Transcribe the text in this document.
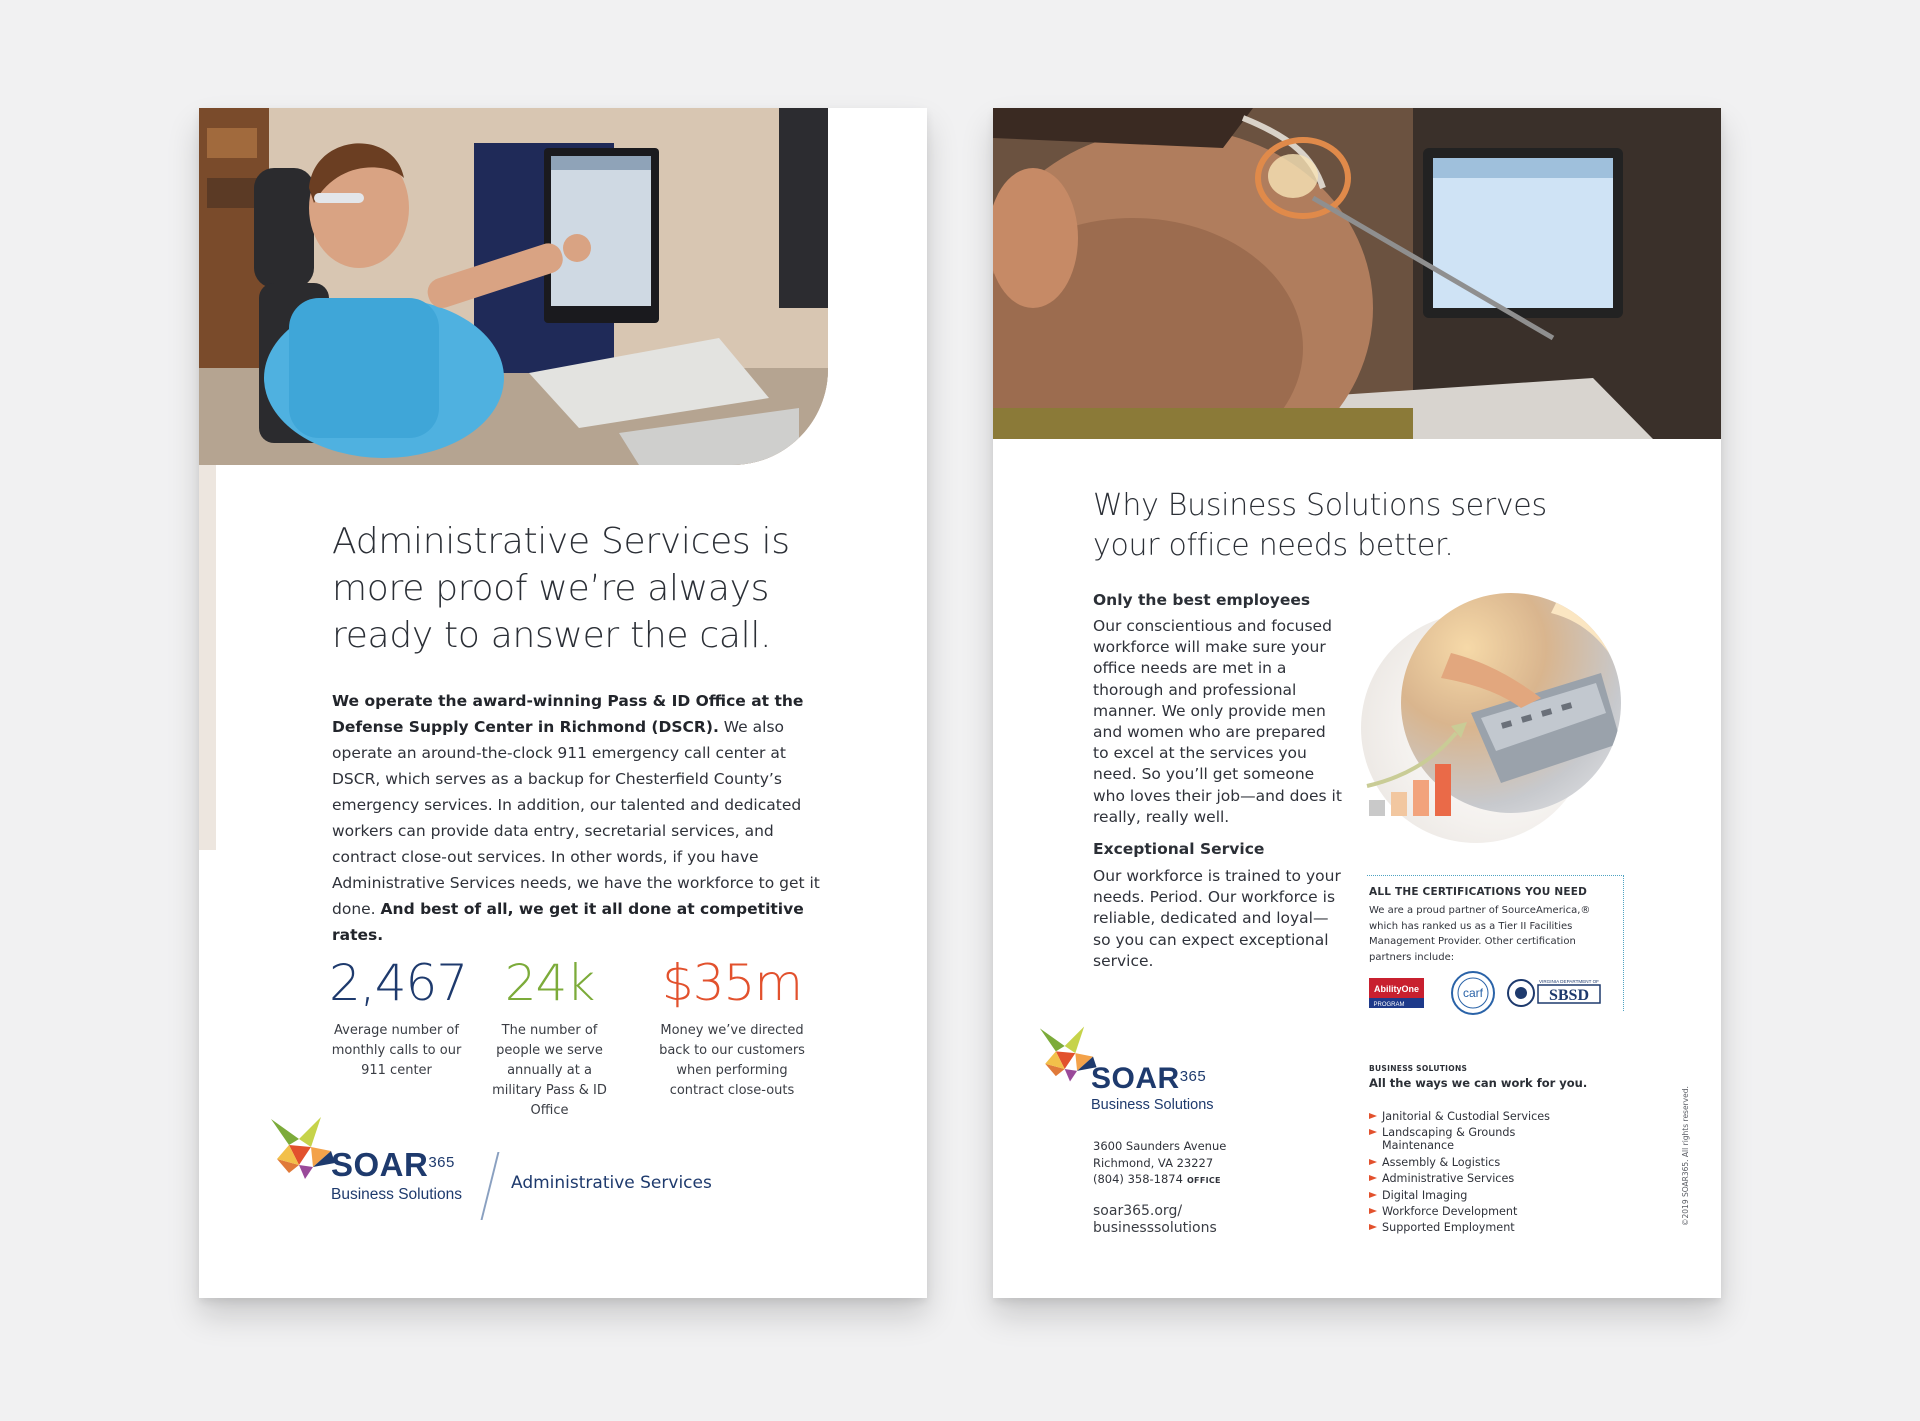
Administrative Services is more proof we’re always ready to answer the call.
We operate the award-winning Pass & ID Office at the Defense Supply Center in Richmond (DSCR). We also operate an around-the-clock 911 emergency call center at DSCR, which serves as a backup for Chesterfield County’s emergency services. In addition, our talented and dedicated workers can provide data entry, secretarial services, and contract close-out services. In other words, if you have Administrative Services needs, we have the workforce to get it done. And best of all, we get it all done at competitive rates.
2,467
Average number of monthly calls to our 911 center
24k
The number of people we serve annually at a military Pass & ID Office
$35m
Money we’ve directed back to our customers when performing contract close-outs
SOAR$^{365}$
Business Solutions
Administrative Services
Why Business Solutions serves your office needs better.
Only the best employees
Our conscientious and focused workforce will make sure your office needs are met in a thorough and professional manner. We only provide men and women who are prepared to excel at the services you need. So you’ll get someone who loves their job—and does it really, really well.
Exceptional Service
Our workforce is trained to your needs. Period. Our workforce is reliable, dedicated and loyal—so you can expect exceptional service.
ALL THE CERTIFICATIONS YOU NEED
We are a proud partner of SourceAmerica,® which has ranked us as a Tier II Facilities Management Provider. Other certification partners include:
AbilityOne
PROGRAM
carf
VIRGINIA DEPARTMENT OF
SBSD
SOAR$^{365}$
Business Solutions
3600 Saunders Avenue
Richmond, VA 23227
(804) 358-1874 OFFICE
soar365.org/
businesssolutions
BUSINESS SOLUTIONS
All the ways we can work for you.
Janitorial & Custodial Services
Landscaping & Grounds Maintenance
Assembly & Logistics
Administrative Services
Digital Imaging
Workforce Development
Supported Employment
©2019 SOAR365. All rights reserved.
